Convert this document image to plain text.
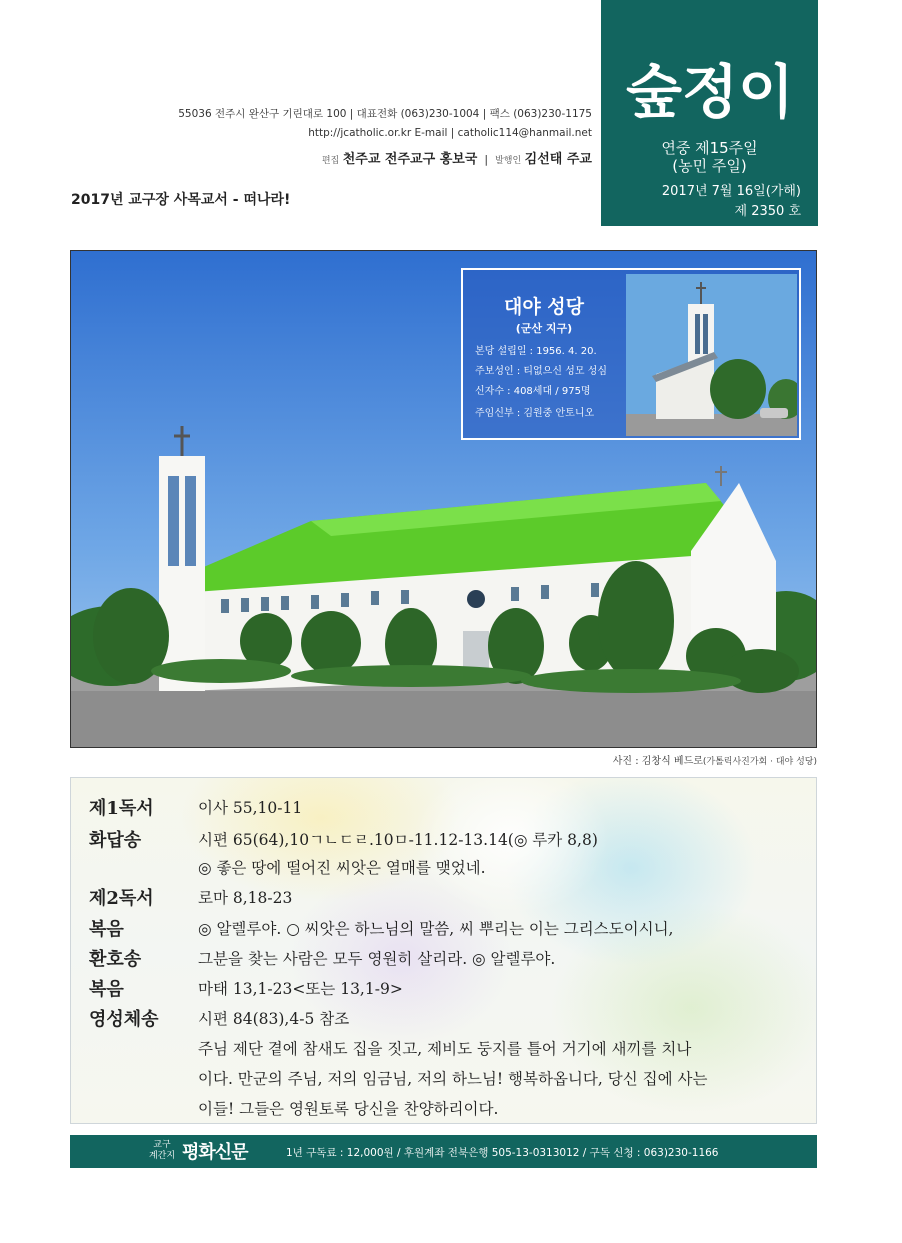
숲정이
연중 제15주일
(농민 주일)
2017년 7월 16일(가해)
제 2350 호
55036 전주시 완산구 기린대로 100 | 대표전화 (063)230-1004 | 팩스 (063)230-1175
http://jcatholic.or.kr E-mail | catholic114@hanmail.net
편집 천주교 전주교구 홍보국  |  발행인 김선태 주교
2017년 교구장 사목교서 - 떠나라!
대야 성당
(군산 지구)
본당 설립일 : 1956. 4. 20.
주보성인 : 티없으신 성모 성심
신자수 : 408세대 / 975명
주임신부 : 김원중 안토니오
사진 : 김창식 베드로(가톨릭사진가회 · 대야 성당)
제1독서	이사 55,10-11
화답송	시편 65(64),10ㄱㄴㄷㄹ.10ㅁ-11.12-13.14(◎ 루카 8,8)
◎ 좋은 땅에 떨어진 씨앗은 열매를 맺었네.
제2독서	로마 8,18-23
복음	◎ 알렐루야. ○ 씨앗은 하느님의 말씀, 씨 뿌리는 이는 그리스도이시니,
환호송	그분을 찾는 사람은 모두 영원히 살리라. ◎ 알렐루야.
복음	마태 13,1-23<또는 13,1-9>
영성체송	시편 84(83),4-5 참조
주님 제단 곁에 참새도 집을 짓고, 제비도 둥지를 틀어 거기에 새끼를 치나
이다. 만군의 주님, 저의 임금님, 저의 하느님! 행복하옵니다, 당신 집에 사는
이들! 그들은 영원토록 당신을 찬양하리이다.
교구
계간지 평화신문	1년 구독료 : 12,000원 / 후원계좌 전북은행 505-13-0313012 / 구독 신청 : 063)230-1166
